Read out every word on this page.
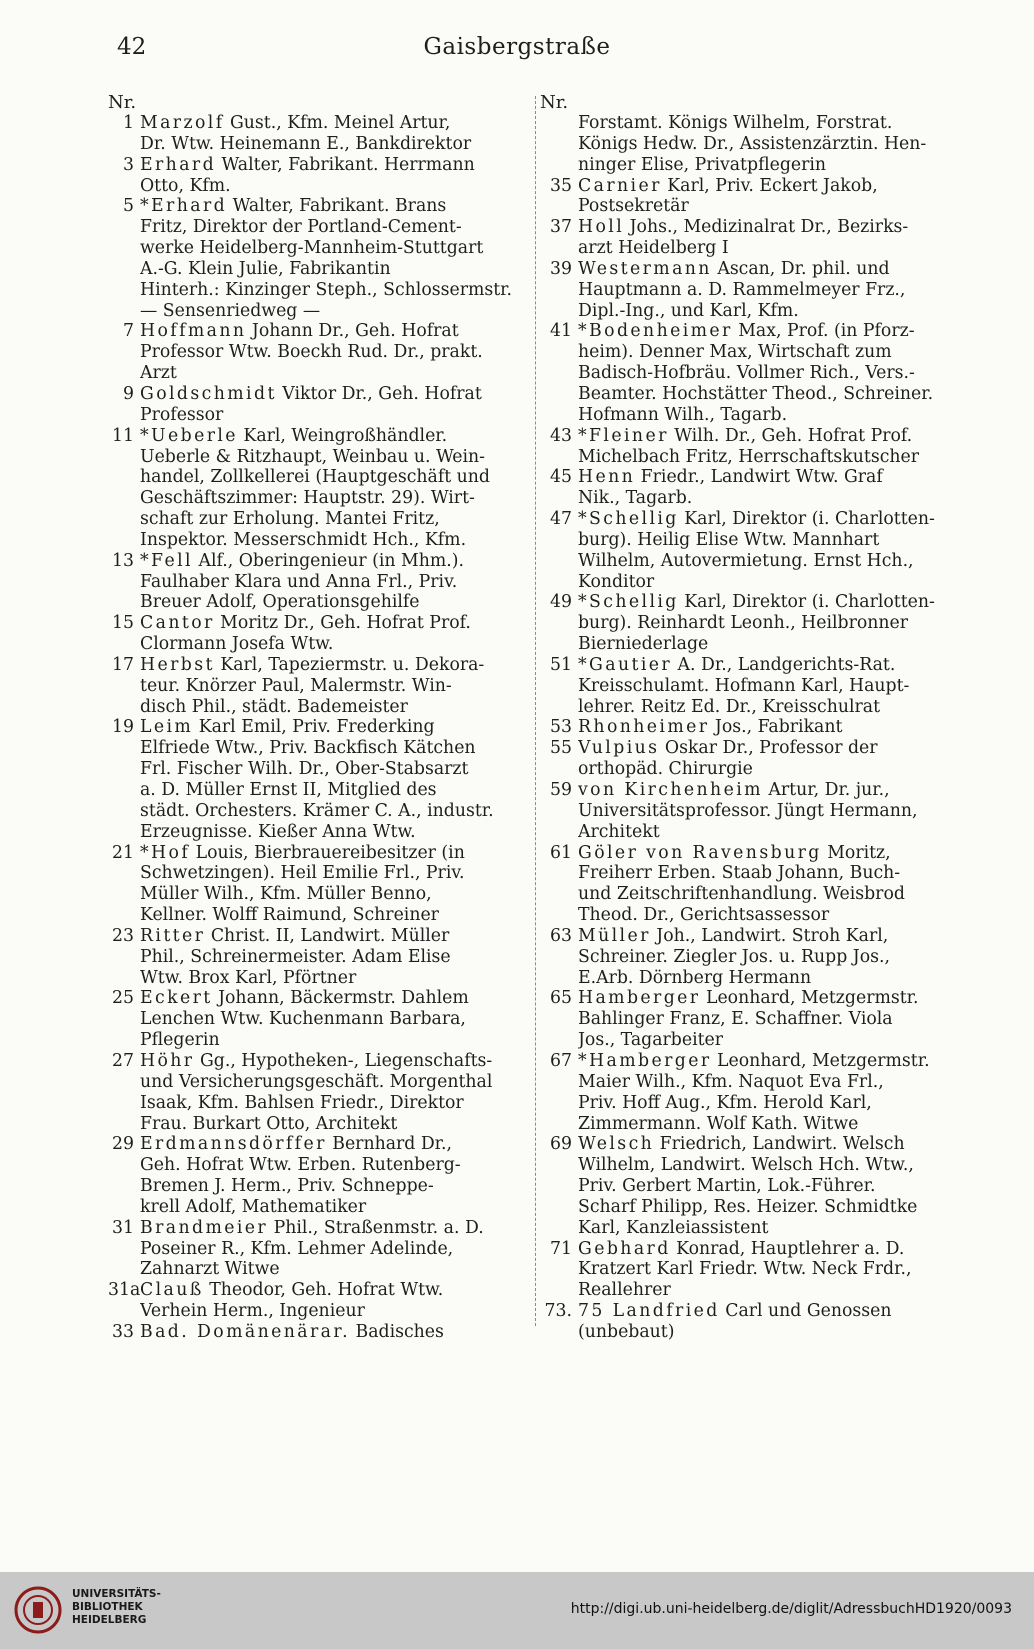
42	Gaisbergstraße
Nr.
1 Marzolf Gust., Kfm. Meinel Artur,
Dr. Wtw. Heinemann E., Bankdirektor
3 Erhard Walter, Fabrikant. Herrmann
Otto, Kfm.
5 *Erhard Walter, Fabrikant. Brans
Fritz, Direktor der Portland-Cement-
werke Heidelberg-Mannheim-Stuttgart
A.-G. Klein Julie, Fabrikantin
Hinterh.: Kinzinger Steph., Schlossermstr.
— Sensenriedweg —
7 Hoffmann Johann Dr., Geh. Hofrat
Professor Wtw. Boeckh Rud. Dr., prakt.
Arzt
9 Goldschmidt Viktor Dr., Geh. Hofrat
Professor
11 *Ueberle Karl, Weingroßhändler.
Ueberle & Ritzhaupt, Weinbau u. Wein-
handel, Zollkellerei (Hauptgeschäft und
Geschäftszimmer: Hauptstr. 29). Wirt-
schaft zur Erholung. Mantei Fritz,
Inspektor. Messerschmidt Hch., Kfm.
13 *Fell Alf., Oberingenieur (in Mhm.).
Faulhaber Klara und Anna Frl., Priv.
Breuer Adolf, Operationsgehilfe
15 Cantor Moritz Dr., Geh. Hofrat Prof.
Clormann Josefa Wtw.
17 Herbst Karl, Tapeziermstr. u. Dekora-
teur. Knörzer Paul, Malermstr. Win-
disch Phil., städt. Bademeister
19 Leim Karl Emil, Priv. Frederking
Elfriede Wtw., Priv. Backfisch Kätchen
Frl. Fischer Wilh. Dr., Ober-Stabsarzt
a. D. Müller Ernst II, Mitglied des
städt. Orchesters. Krämer C. A., industr.
Erzeugnisse. Kießer Anna Wtw.
21 *Hof Louis, Bierbrauereibesitzer (in
Schwetzingen). Heil Emilie Frl., Priv.
Müller Wilh., Kfm. Müller Benno,
Kellner. Wolff Raimund, Schreiner
23 Ritter Christ. II, Landwirt. Müller
Phil., Schreinermeister. Adam Elise
Wtw. Brox Karl, Pförtner
25 Eckert Johann, Bäckermstr. Dahlem
Lenchen Wtw. Kuchenmann Barbara,
Pflegerin
27 Höhr Gg., Hypotheken-, Liegenschafts-
und Versicherungsgeschäft. Morgenthal
Isaak, Kfm. Bahlsen Friedr., Direktor
Frau. Burkart Otto, Architekt
29 Erdmannsdörffer Bernhard Dr.,
Geh. Hofrat Wtw. Erben. Rutenberg-
Bremen J. Herm., Priv. Schneppe-
krell Adolf, Mathematiker
31 Brandmeier Phil., Straßenmstr. a. D.
Poseiner R., Kfm. Lehmer Adelinde,
Zahnarzt Witwe
31a Clauß Theodor, Geh. Hofrat Wtw.
Verhein Herm., Ingenieur
33 Bad. Domänenärar. Badisches
Nr.
Forstamt. Königs Wilhelm, Forstrat.
Königs Hedw. Dr., Assistenzärztin. Hen-
ninger Elise, Privatpflegerin
35 Carnier Karl, Priv. Eckert Jakob,
Postsekretär
37 Holl Johs., Medizinalrat Dr., Bezirks-
arzt Heidelberg I
39 Westermann Ascan, Dr. phil. und
Hauptmann a. D. Rammelmeyer Frz.,
Dipl.-Ing., und Karl, Kfm.
41 *Bodenheimer Max, Prof. (in Pforz-
heim). Denner Max, Wirtschaft zum
Badisch-Hofbräu. Vollmer Rich., Vers.-
Beamter. Hochstätter Theod., Schreiner.
Hofmann Wilh., Tagarb.
43 *Fleiner Wilh. Dr., Geh. Hofrat Prof.
Michelbach Fritz, Herrschaftskutscher
45 Henn Friedr., Landwirt Wtw. Graf
Nik., Tagarb.
47 *Schellig Karl, Direktor (i. Charlotten-
burg). Heilig Elise Wtw. Mannhart
Wilhelm, Autovermietung. Ernst Hch.,
Konditor
49 *Schellig Karl, Direktor (i. Charlotten-
burg). Reinhardt Leonh., Heilbronner
Bierniederlage
51 *Gautier A. Dr., Landgerichts-Rat.
Kreisschulamt. Hofmann Karl, Haupt-
lehrer. Reitz Ed. Dr., Kreisschulrat
53 Rhonheimer Jos., Fabrikant
55 Vulpius Oskar Dr., Professor der
orthopäd. Chirurgie
59 von Kirchenheim Artur, Dr. jur.,
Universitätsprofessor. Jüngt Hermann,
Architekt
61 Göler von Ravensburg Moritz,
Freiherr Erben. Staab Johann, Buch-
und Zeitschriftenhandlung. Weisbrod
Theod. Dr., Gerichtsassessor
63 Müller Joh., Landwirt. Stroh Karl,
Schreiner. Ziegler Jos. u. Rupp Jos.,
E.Arb. Dörnberg Hermann
65 Hamberger Leonhard, Metzgermstr.
Bahlinger Franz, E. Schaffner. Viola
Jos., Tagarbeiter
67 *Hamberger Leonhard, Metzgermstr.
Maier Wilh., Kfm. Naquot Eva Frl.,
Priv. Hoff Aug., Kfm. Herold Karl,
Zimmermann. Wolf Kath. Witwe
69 Welsch Friedrich, Landwirt. Welsch
Wilhelm, Landwirt. Welsch Hch. Wtw.,
Priv. Gerbert Martin, Lok.-Führer.
Scharf Philipp, Res. Heizer. Schmidtke
Karl, Kanzleiassistent
71 Gebhard Konrad, Hauptlehrer a. D.
Kratzert Karl Friedr. Wtw. Neck Frdr.,
Reallehrer
73. 75 Landfried Carl und Genossen
(unbebaut)
UNIVERSITÄTS-
BIBLIOTHEK
HEIDELBERG
http://digi.ub.uni-heidelberg.de/diglit/AdressbuchHD1920/0093
